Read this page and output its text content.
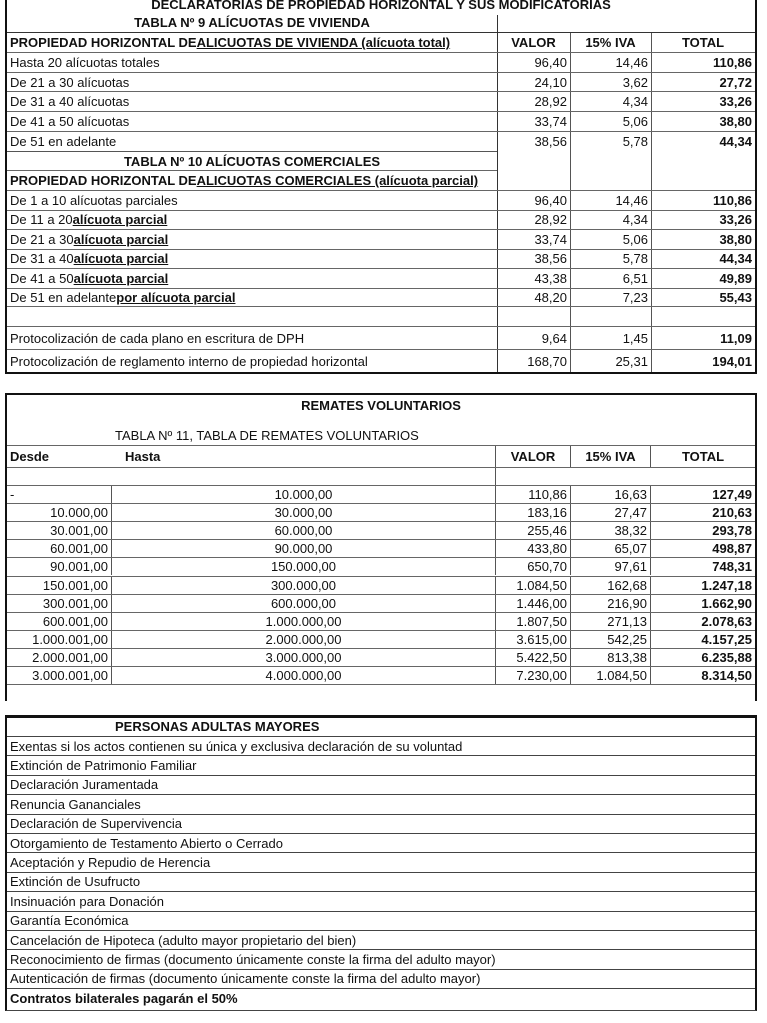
DECLARATORIAS DE PROPIEDAD HORIZONTAL Y SUS MODIFICATORIAS
TABLA Nº 9 ALÍCUOTAS DE VIVIENDA
PROPIEDAD HORIZONTAL DE ALICUOTAS DE VIVIENDA (alícuota total)	VALOR	15% IVA	TOTAL
Hasta 20 alícuotas totales	96,40	14,46	110,86
De 21 a 30 alícuotas	24,10	3,62	27,72
De 31 a 40 alícuotas	28,92	4,34	33,26
De 41 a 50 alícuotas	33,74	5,06	38,80
De 51 en adelante	38,56	5,78	44,34
TABLA Nº 10 ALÍCUOTAS COMERCIALES
PROPIEDAD HORIZONTAL DE ALICUOTAS COMERCIALES (alícuota parcial)
De 1 a 10 alícuotas parciales	96,40	14,46	110,86
De 11 a 20 alícuota parcial	28,92	4,34	33,26
De 21 a 30 alícuota parcial	33,74	5,06	38,80
De 31 a 40 alícuota parcial	38,56	5,78	44,34
De 41 a 50 alícuota parcial	43,38	6,51	49,89
De 51 en adelante por alícuota parcial	48,20	7,23	55,43
Protocolización de cada plano en escritura de DPH	9,64	1,45	11,09
Protocolización de reglamento interno de propiedad horizontal	168,70	25,31	194,01
REMATES VOLUNTARIOS
TABLA Nº 11, TABLA DE REMATES VOLUNTARIOS
Desde	Hasta	VALOR	15% IVA	TOTAL
-	10.000,00	110,86	16,63	127,49
10.000,00	30.000,00	183,16	27,47	210,63
30.001,00	60.000,00	255,46	38,32	293,78
60.001,00	90.000,00	433,80	65,07	498,87
90.001,00	150.000,00	650,70	97,61	748,31
150.001,00	300.000,00	1.084,50	162,68	1.247,18
300.001,00	600.000,00	1.446,00	216,90	1.662,90
600.001,00	1.000.000,00	1.807,50	271,13	2.078,63
1.000.001,00	2.000.000,00	3.615,00	542,25	4.157,25
2.000.001,00	3.000.000,00	5.422,50	813,38	6.235,88
3.000.001,00	4.000.000,00	7.230,00	1.084,50	8.314,50
PERSONAS ADULTAS MAYORES
Exentas si los actos contienen su única y exclusiva declaración de su voluntad
Extinción de Patrimonio Familiar
Declaración Juramentada
Renuncia Gananciales
Declaración de Supervivencia
Otorgamiento de Testamento Abierto o Cerrado
Aceptación y Repudio de Herencia
Extinción de Usufructo
Insinuación para Donación
Garantía Económica
Cancelación de Hipoteca (adulto mayor propietario del bien)
Reconocimiento de firmas (documento únicamente conste la firma del adulto mayor)
Autenticación de firmas (documento únicamente conste la firma del adulto mayor)
Contratos bilaterales pagarán el 50%
